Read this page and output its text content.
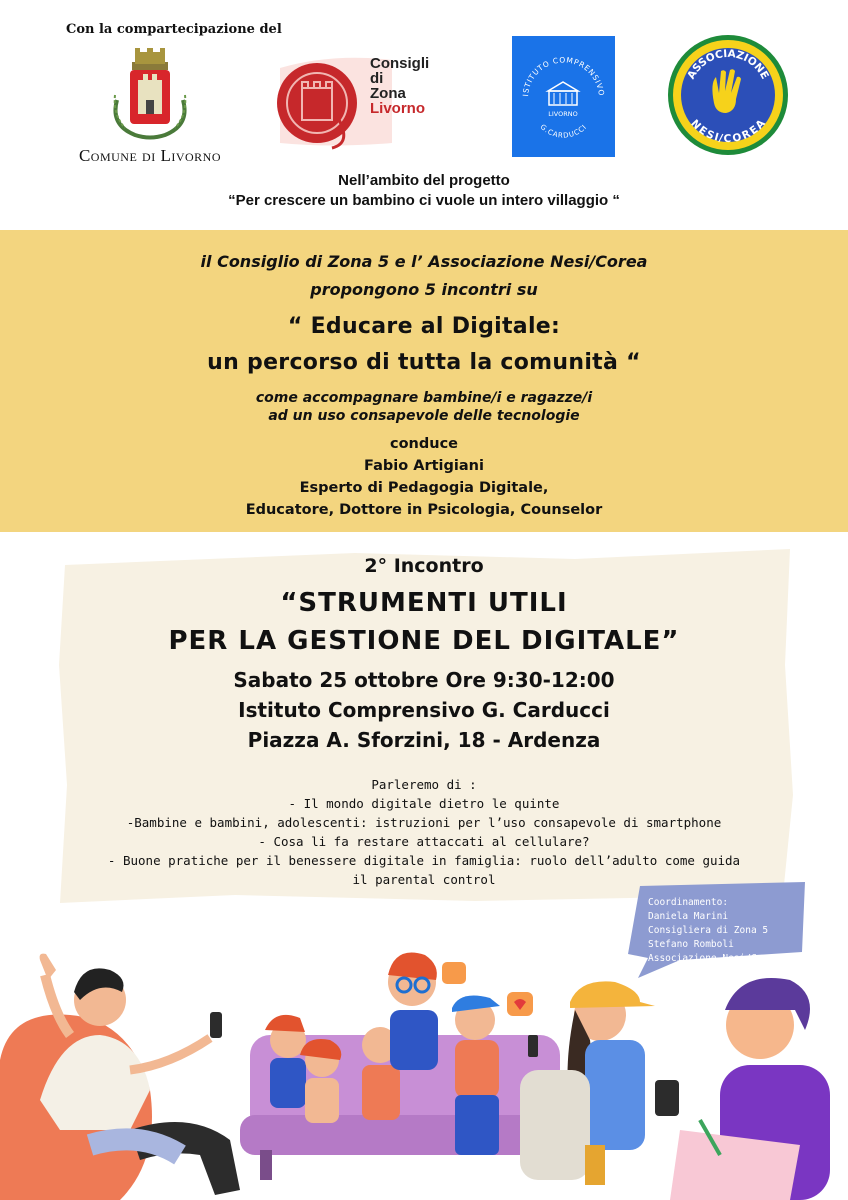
Con la compartecipazione del
Comune di Livorno
Consigli
di
Zona
Livorno
ISTITUTO COMPRENSIVO
LIVORNO
G.CARDUCCI
ASSOCIAZIONE
NESI/COREA
Nell’ambito del progetto
“Per crescere un bambino ci vuole un intero villaggio “
il Consiglio di Zona 5 e l’ Associazione Nesi/Corea
propongono 5 incontri su
“ Educare al Digitale:
un percorso di tutta la comunità “
come accompagnare bambine/i e ragazze/i
ad un uso consapevole delle tecnologie
conduce
Fabio Artigiani
Esperto di Pedagogia Digitale,
Educatore, Dottore in Psicologia, Counselor
2° Incontro
“STRUMENTI UTILI
PER LA GESTIONE DEL DIGITALE”
Sabato 25 ottobre Ore 9:30-12:00
Istituto Comprensivo G. Carducci
Piazza A. Sforzini, 18 - Ardenza
Parleremo di :
- Il mondo digitale dietro le quinte
-Bambine e bambini, adolescenti: istruzioni per l’uso consapevole di smartphone
- Cosa li fa restare attaccati al cellulare?
- Buone pratiche per il benessere digitale in famiglia: ruolo dell’adulto come guida
il parental control
Coordinamento:
Daniela Marini
Consigliera di Zona 5
Stefano Romboli
Associazione Nesi/Corea
